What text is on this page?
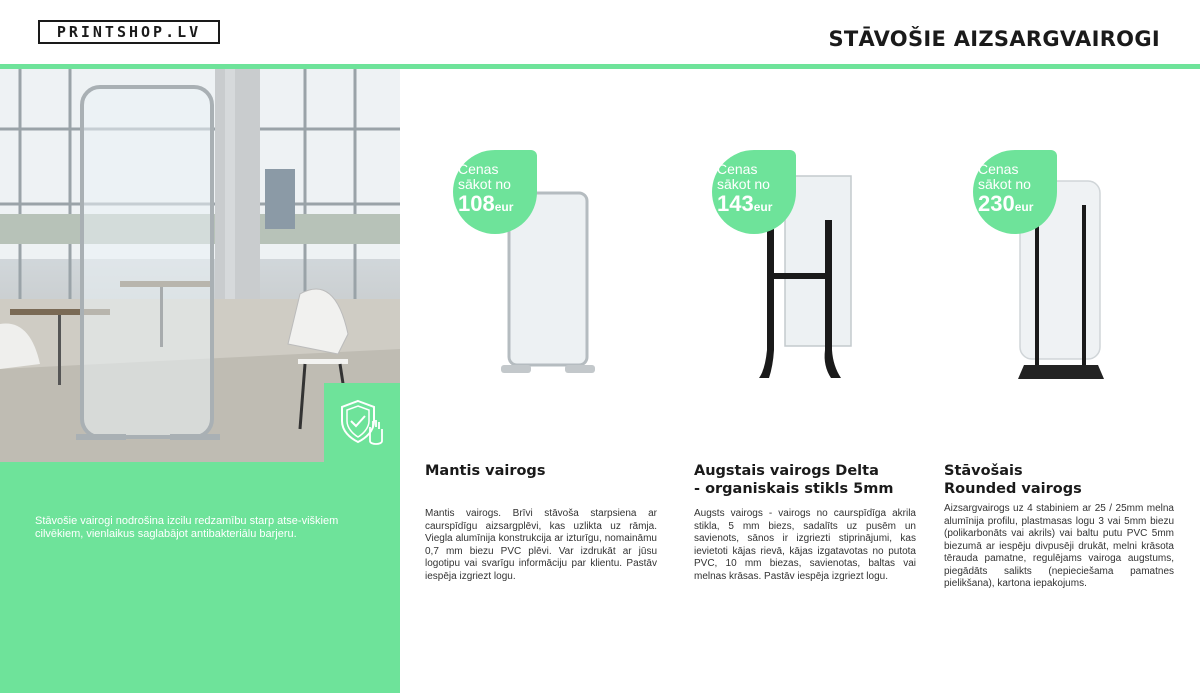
PRINTSHOP.LV	STĀVOŠIE AIZSARGVAIROGI
Stāvošie vairogi nodrošina izcilu redzamību starp atse-viškiem cilvēkiem, vienlaikus saglabājot antibakteriālu barjeru.
Cenas
sākot no
108eur
Mantis vairogs
Mantis vairogs. Brīvi stāvoša starpsiena ar caurspīdīgu aizsargplēvi, kas uzlikta uz rāmja. Viegla alumīnija konstrukcija ar izturīgu, nomaināmu 0,7 mm biezu PVC plēvi. Var izdrukāt ar jūsu logotipu vai svarīgu informāciju par klientu. Pastāv iespēja izgriezt logu.
Cenas
sākot no
143eur
Augstais vairogs Delta
- organiskais stikls 5mm
Augsts vairogs - vairogs no caurspīdīga akrila stikla, 5 mm biezs, sadalīts uz pusēm un savienots, sānos ir izgriezti stiprinājumi, kas ievietoti kājas rievā, kājas izgatavotas no putota PVC, 10 mm biezas, savienotas, baltas vai melnas krāsas. Pastāv iespēja izgriezt logu.
Cenas
sākot no
230eur
Stāvošais
Rounded vairogs
Aizsargvairogs uz 4 stabiniem ar 25 / 25mm melna alumīnija profilu, plastmasas logu 3 vai 5mm biezu (polikarbonāts vai akrils) vai baltu putu PVC 5mm biezumā ar iespēju divpusēji drukāt, melni krāsota tērauda pamatne, regulējams vairoga augstums, piegādāts salikts (nepieciešama pamatnes pielikšana), kartona iepakojums.
